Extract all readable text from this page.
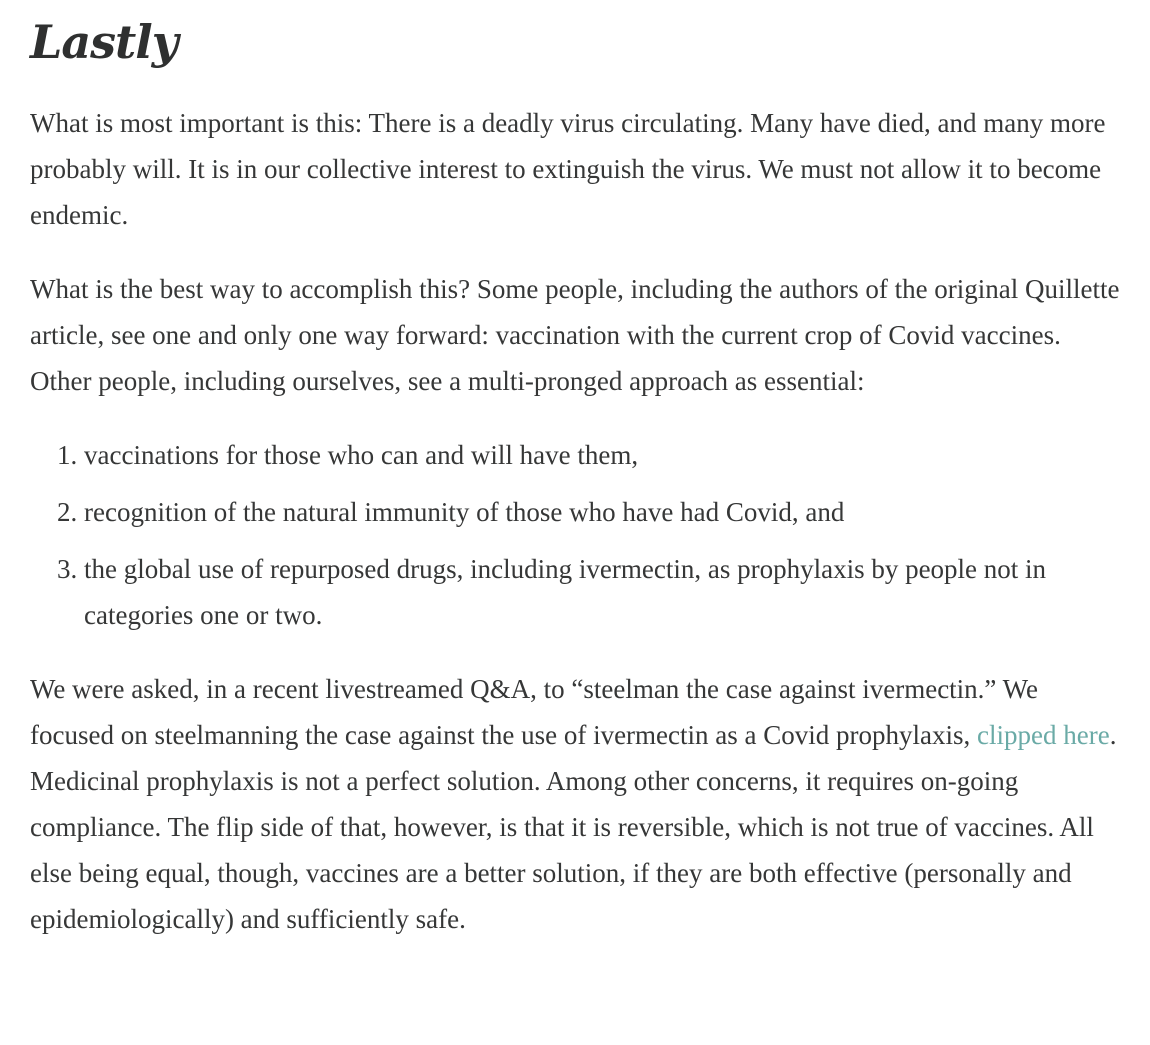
Lastly

What is most important is this: There is a deadly virus circulating. Many have died, and many more probably will. It is in our collective interest to extinguish the virus. We must not allow it to become endemic.

What is the best way to accomplish this? Some people, including the authors of the original Quillette article, see one and only one way forward: vaccination with the current crop of Covid vaccines. Other people, including ourselves, see a multi-pronged approach as essential:

1. vaccinations for those who can and will have them,
2. recognition of the natural immunity of those who have had Covid, and
3. the global use of repurposed drugs, including ivermectin, as prophylaxis by people not in categories one or two.

We were asked, in a recent livestreamed Q&A, to “steelman the case against ivermectin.” We focused on steelmanning the case against the use of ivermectin as a Covid prophylaxis, clipped here. Medicinal prophylaxis is not a perfect solution. Among other concerns, it requires on-going compliance. The flip side of that, however, is that it is reversible, which is not true of vaccines. All else being equal, though, vaccines are a better solution, if they are both effective (personally and epidemiologically) and sufficiently safe.
